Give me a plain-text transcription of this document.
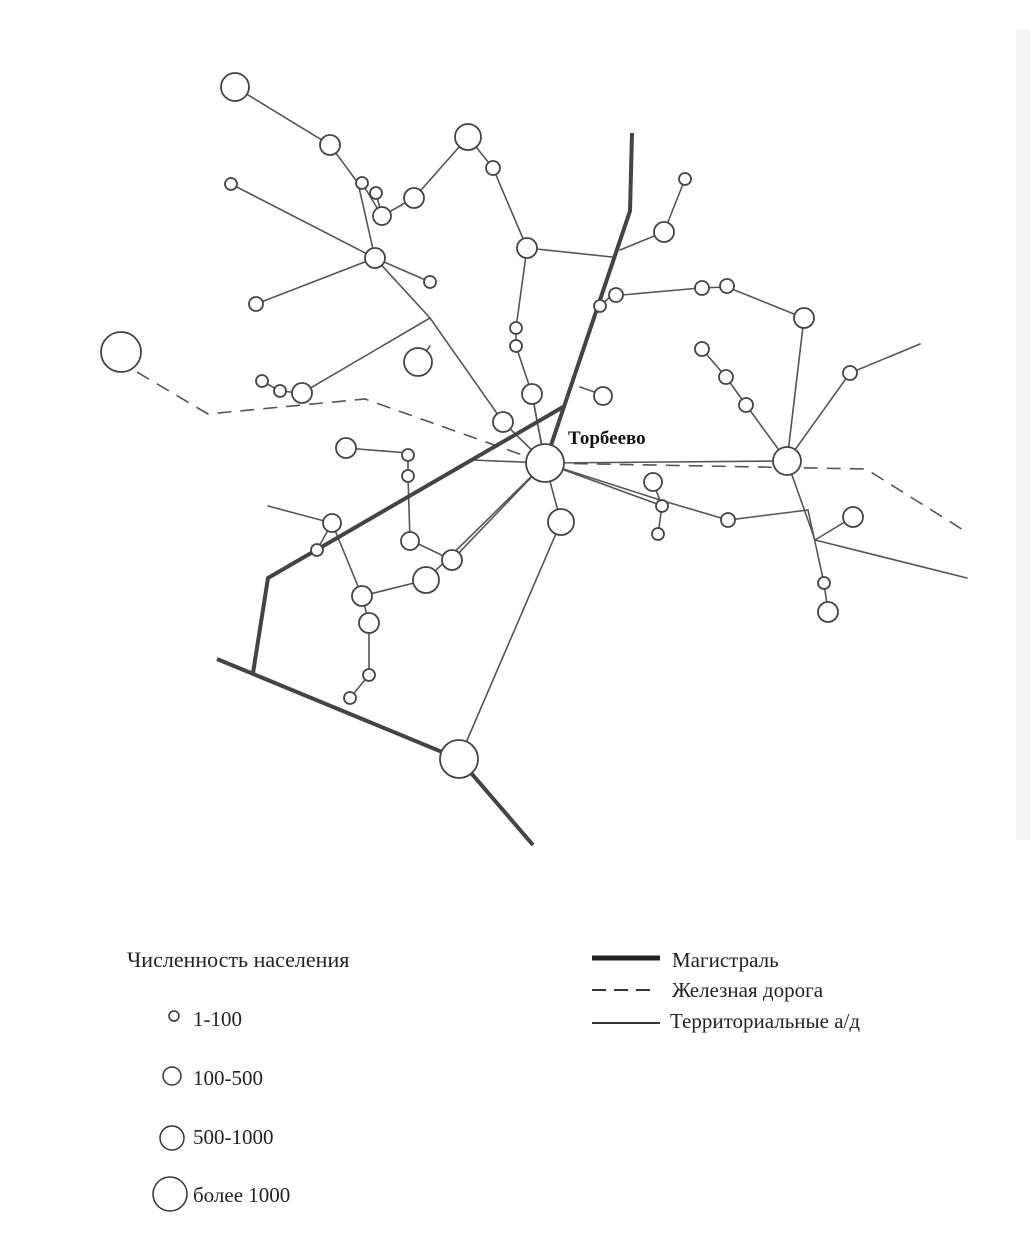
Торбеево
Численность населения
1-100
100-500
500-1000
более 1000
Магистраль
Железная дорога
Территориальные а/д
